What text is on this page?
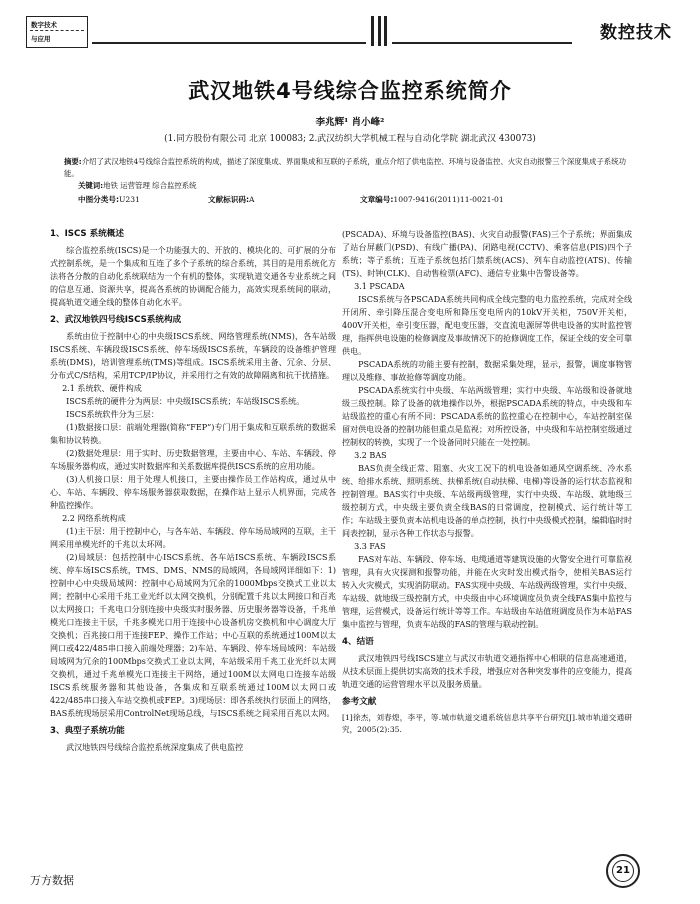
数字技术
与应用	数控技术
武汉地铁4号线综合监控系统简介
李兆辉¹ 肖小峰²
(1.同方股份有限公司 北京 100083; 2.武汉纺织大学机械工程与自动化学院 湖北武汉 430073)
摘要:介绍了武汉地铁4号线综合监控系统的构成，描述了深度集成、界面集成和互联的子系统，重点介绍了供电监控、环境与设备监控、火灾自动报警三个深度集成子系统功能。
关键词:地铁 运营管理 综合监控系统
中图分类号:U231	文献标识码:A	文章编号:1007-9416(2011)11-0021-01
1、ISCS 系统概述

综合监控系统(ISCS)是一个功能强大的、开放的、模块化的、可扩展的分布式控制系统，是一个集成和互连了多个子系统的综合系统，其目的是用系统化方法将各分散的自动化系统联结为一个有机的整体，实现轨道交通各专业系统之间的信息互通、资源共享，提高各系统的协调配合能力，高效实现系统间的联动，提高轨道交通全线的整体自动化水平。

2、武汉地铁四号线ISCS系统构成

系统由位于控制中心的中央级ISCS系统、网络管理系统(NMS)，各车站级ISCS系统、车辆段级ISCS系统、停车场级ISCS系统，车辆段的设备维护管理系统(DMS)，培训管理系统(TMS)等组成。ISCS系统采用主备、冗余、分层、分布式C/S结构，采用TCP/IP协议，并采用行之有效的故障隔离和抗干扰措施。

2.1 系统软、硬件构成

ISCS系统的硬件分为两层：中央级ISCS系统；车站级ISCS系统。

ISCS系统软件分为三层：

(1)数据接口层：前端处理器(简称“FEP”)专门用于集成和互联系统的数据采集和协议转换。

(2)数据处理层：用于实时、历史数据管理，主要由中心、车站、车辆段、停车场服务器构成，通过实时数据库和关系数据库提供ISCS系统的应用功能。

(3)人机接口层：用于处理人机接口，主要由操作员工作站构成，通过从中心、车站、车辆段、停车场服务器获取数据，在操作站上显示人机界面，完成各种监控操作。

2.2 网络系统构成

(1)主干层：用于控制中心，与各车站、车辆段、停车场局域网的互联，主干网采用单模光纤的千兆以太环网。

(2)局域层：包括控制中心ISCS系统、各车站ISCS系统、车辆段ISCS系统、停车场ISCS系统，TMS、DMS、NMS的局域网，各局域网详细如下：1)控制中心中央级局域网：控制中心局域网为冗余的1000Mbps交换式工业以太网；控制中心采用千兆工业光纤以太网交换机，分别配置千兆以太网接口和百兆以太网接口；千兆电口分别连接中央级实时服务器、历史服务器等设备，千兆单模光口连接主干层，千兆多模光口用于连接中心设备机房交换机和中心调度大厅交换机；百兆接口用于连接FEP、操作工作站；中心互联的系统通过100M以太网口或422/485串口接入前端处理器；2)车站、车辆段、停车场局域网：车站级局域网为冗余的100Mbps交换式工业以太网，车站级采用千兆工业光纤以太网交换机，通过千兆单模光口连接主干网络，通过100M以太网电口连接车站级ISCS系统服务器和其他设备，各集成和互联系统通过100M以太网口或422/485串口接入车站交换机或FEP。3)现场层：即各系统执行层面上的网络，BAS系统现场层采用ControlNet现场总线，与ISCS系统之间采用百兆以太网。

3、典型子系统功能

武汉地铁四号线综合监控系统深度集成了供电监控

(PSCADA)、环境与设备监控(BAS)、火灾自动报警(FAS)三个子系统；界面集成了站台屏蔽门(PSD)、有线广播(PA)、闭路电视(CCTV)、乘客信息(PIS)四个子系统；等子系统；互连子系统包括门禁系统(ACS)、列车自动监控(ATS)、传输(TS)、时钟(CLK)、自动售检票(AFC)、通信专业集中告警设备等。

3.1 PSCADA

ISCS系统与各PSCADA系统共同构成全线完整的电力监控系统，完成对全线开闭所、牵引降压混合变电所和降压变电所内的10kV开关柜，750V开关柜，400V开关柜，牵引变压器，配电变压器，交直流电源屏等供电设备的实时监控管理，指挥供电设施的检修调度及事故情况下的抢修调度工作，保证全线的安全可靠供电。

PSCADA系统的功能主要有控制，数据采集处理，显示，报警，调度事物管理以及维修、事故抢修等调度功能。

PSCADA系统实行中央级、车站两级管理；实行中央级、车站级和设备就地级三级控制。除了设备的就地操作以外，根据PSCADA系统的特点，中央级和车站级监控的重心有所不同：PSCADA系统的监控重心在控制中心，车站控制室保留对供电设备的控制功能但重点是监视；对所控设备，中央级和车站控制室级通过控制权的转换，实现了一个设备同时只能在一处控制。

3.2 BAS

BAS负责全线正常、阻塞、火灾工况下的机电设备如通风空调系统、冷水系统、给排水系统、照明系统、扶梯系统(自动扶梯、电梯)等设备的运行状态监视和控制管理。BAS实行中央级、车站级两级管理，实行中央级、车站级、就地级三级控制方式，中央级主要负责全线BAS的日常调度，控制模式、运行统计等工作；车站级主要负责本站机电设备的单点控制，执行中央级模式控制，编辑临时时间表控制，显示各种工作状态与报警。

3.3 FAS

FAS对车站、车辆段、停车场、电缆通道等建筑设施的火警安全进行可靠监视管理，具有火灾探测和报警功能，并能在火灾时发出模式指令，使相关BAS运行转入火灾模式，实现消防联动。FAS实现中央级、车站级两级管理，实行中央级、车站级、就地级三级控制方式，中央级由中心环境调度员负责全线FAS集中监控与管理，运营模式，设备运行统计等等工作。车站级由车站值班调度员作为本站FAS集中监控与管理，负责车站级的FAS的管理与联动控制。

4、结语

武汉地铁四号线ISCS建立与武汉市轨道交通指挥中心相联的信息高速通道，从技术层面上提供切实高效的技术手段，增强应对各种突发事件的应变能力，提高轨道交通的运营管理水平以及服务质量。

参考文献

[1]徐杰，刘春煌，李平，等.城市轨道交通系统信息共享平台研究[J].城市轨道交通研究，2005(2):35.

万方数据
21
